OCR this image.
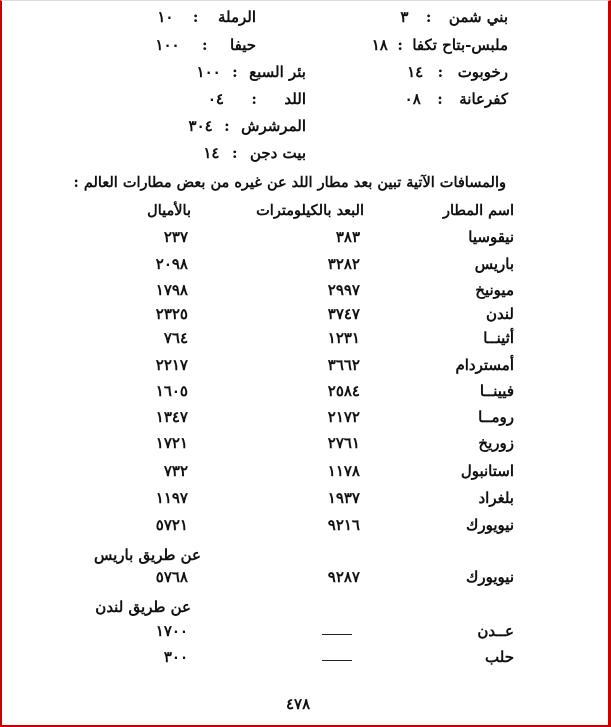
بني شمن : ٣
الرملة : ١٠
ملبس-بتاح تكفا : ١٨
حيفا : ١٠٠
رخوبوت : ١٤
بئر السبع : ١٠٠
كفرعانة : ٠٨
اللد : ٠٤
المرشرش : ٣٠٤
بيت دجن : ١٤
والمسافات الآتية تبين بعد مطار اللد عن غيره من بعض مطارات العالم :
اسم المطار
البعد بالكيلومترات
بالأميال
نيقوسيا
٣٨٣
٢٣٧
باريس
٣٢٨٢
٢٠٩٨
ميونيخ
٢٩٩٧
١٧٩٨
لندن
٣٧٤٧
٢٣٢٥
أثينــا
١٢٣١
٧٦٤
أمستردام
٣٦٦٢
٢٢١٧
فيينــا
٢٥٨٤
١٦٠٥
رومــا
٢١٧٢
١٣٤٧
زوريخ
٢٧٦١
١٧٢١
استانبول
١١٧٨
٧٣٢
بلغراد
١٩٣٧
١١٩٧
نيويورك
٩٢١٦
٥٧٢١
عن طريق باريس
نيويورك
٩٢٨٧
٥٧٦٨
عن طريق لندن
عــدن
١٧٠٠
حلب
٣٠٠
٤٧٨
